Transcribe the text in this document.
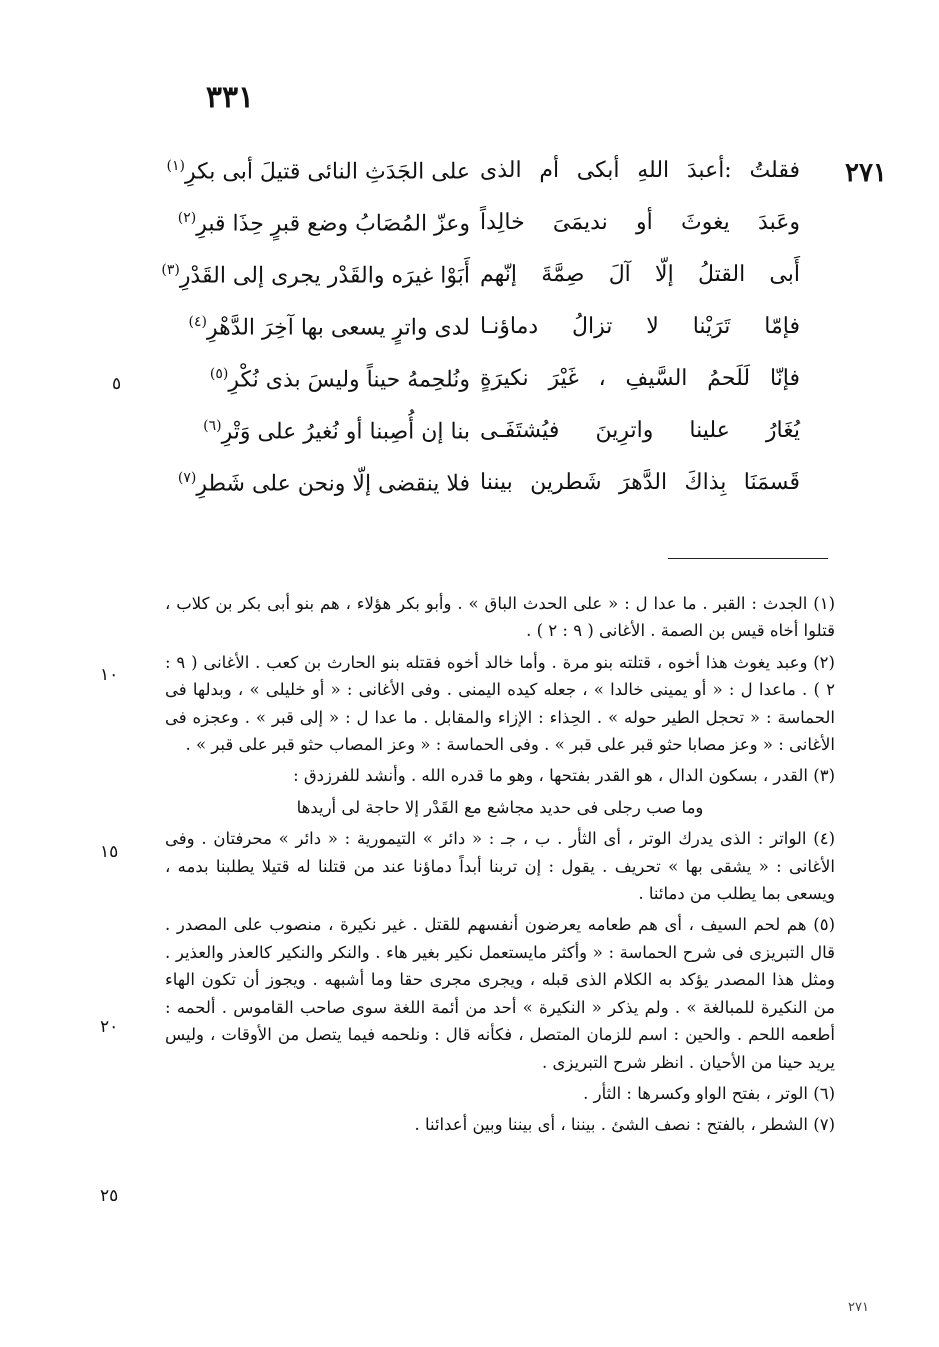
٣٣١
٢٧١
فقلتُ :أعبدَ اللهِ أبكى أم الذى
على الجَدَثِ النائى قتيلَ أبى بكرِ$^{(١)}$
وعَبدَ يغوثَ أو نديمَىَ خالِداً
وعزّ المُصَابُ وضع قبرٍ حِذَا قبرِ$^{(٢)}$
أَبى القتلُ إلّا آلَ صِمَّةَ إنّهم
أَبَوْا غيرَه والقَدْر يجرى إلى القَدْرِ$^{(٣)}$
فإمّا تَرَيْنا لا تزالُ دماؤنـا
لدى واترٍ يسعى بها آخِرَ الدَّهْرِ$^{(٤)}$
فإنّا لَلَحمُ السَّيفِ ، غَيْرَ نكيرَةٍ
ونُلحِمهُ حيناً وليسَ بذى نُكْرِ$^{(٥)}$
يُغَارُ علينا واترِينَ فيُشتَفَـى
بنا إن أُصِبنا أو نُغيرُ على وَتْرِ$^{(٦)}$
قَسمَنَا بِذاكَ الدَّهرَ شَطرين بيننا
فلا ينقضى إلّا ونحن على شَطرِ$^{(٧)}$
٥
١٠
١٥
٢٠
٢٥

(١) الجدث : القبر . ما عدا ل : « على الحدث الباق » . وأبو بكر هؤلاء ، هم بنو أبى بكر بن كلاب ، قتلوا أخاه قيس بن الصمة . الأغانى ( ٩ : ٢ ) .

(٢) وعبد يغوث هذا أخوه ، قتلته بنو مرة . وأما خالد أخوه فقتله بنو الحارث بن كعب . الأغانى ( ٩ : ٢ ) . ماعدا ل : « أو يمينى خالدا » ، جعله كيده اليمنى . وفى الأغانى : « أو خليلى » ، وبدلها فى الحماسة : « تحجل الطير حوله » . الحِذاء : الإزاء والمقابل . ما عدا ل : « إلى قبر » . وعجزه فى الأغانى : « وعز مصابا حثو قبر على قبر » . وفى الحماسة : « وعز المصاب حثو قبر على قبر » .

(٣) القدر ، بسكون الدال ، هو القدر بفتحها ، وهو ما قدره الله . وأنشد للفرزدق :

وما صب رجلى فى حديد مجاشع مع القَدْر إلا حاجة لى أريدها

(٤) الواتر : الذى يدرك الوتر ، أى الثأر . ب ، جـ : « دائر » التيمورية : « دائر » محرفتان . وفى الأغانى : « يشقى بها » تحريف . يقول : إن تربنا أبداً دماؤنا عند من قتلنا له قتيلا يطلبنا بدمه ، ويسعى بما يطلب من دمائنا .

(٥) هم لحم السيف ، أى هم طعامه يعرضون أنفسهم للقتل . غير نكيرة ، منصوب على المصدر . قال التبريزى فى شرح الحماسة : « وأكثر مايستعمل نكير بغير هاء . والنكر والنكير كالعذر والعذير . ومثل هذا المصدر يؤكد به الكلام الذى قبله ، ويجرى مجرى حقا وما أشبهه . ويجوز أن تكون الهاء من النكيرة للمبالغة » . ولم يذكر « النكيرة » أحد من أئمة اللغة سوى صاحب القاموس . ألحمه : أطعمه اللحم . والحين : اسم للزمان المتصل ، فكأنه قال : ونلحمه فيما يتصل من الأوقات ، وليس يريد حينا من الأحيان . انظر شرح التبريزى .

(٦) الوتر ، بفتح الواو وكسرها : الثأر .

(٧) الشطر ، بالفتح : نصف الشئ . بيننا ، أى بيننا وبين أعدائنا .

٢٧١
